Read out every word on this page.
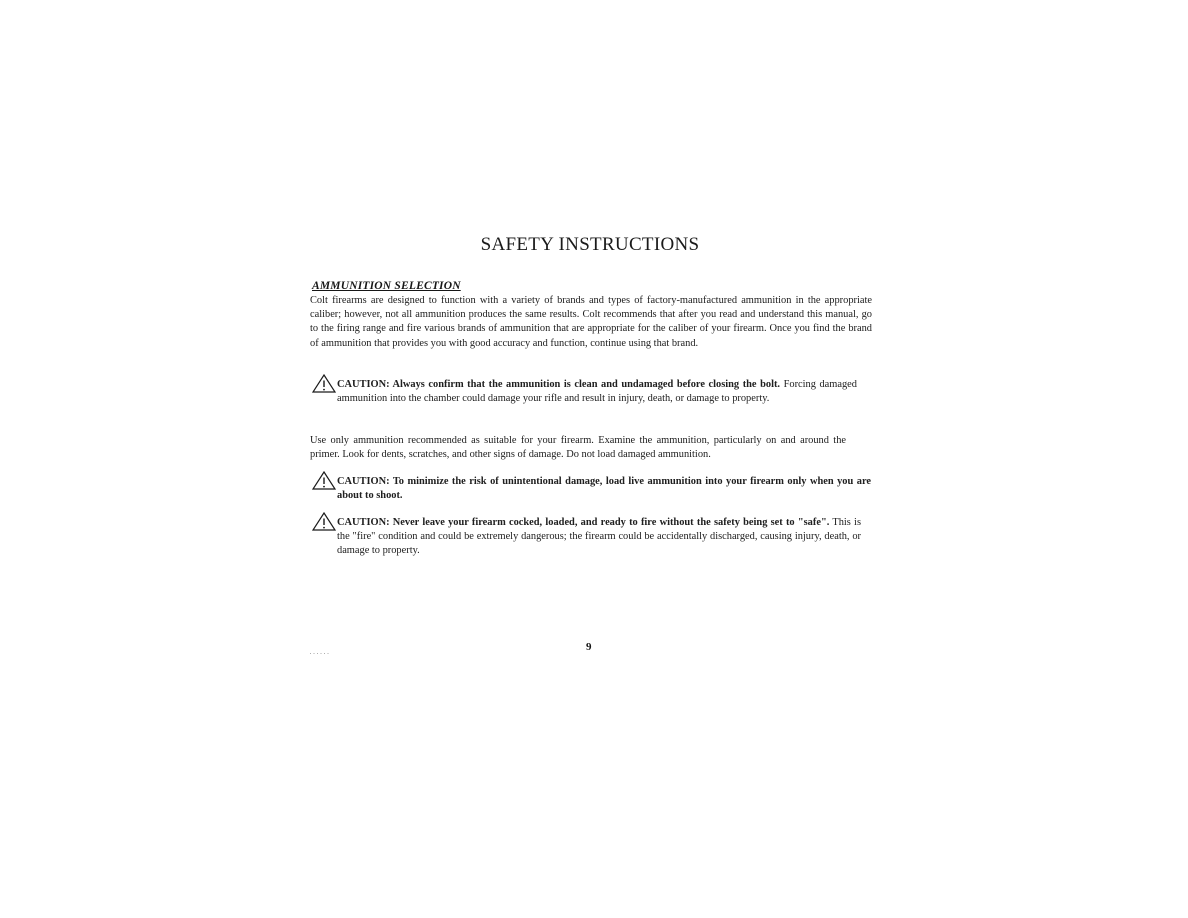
SAFETY INSTRUCTIONS
AMMUNITION SELECTION
Colt firearms are designed to function with a variety of brands and types of factory-manufactured ammunition in the appropriate caliber; however, not all ammunition produces the same results. Colt recommends that after you read and understand this manual, go to the firing range and fire various brands of ammunition that are appropriate for the caliber of your firearm. Once you find the brand of ammunition that provides you with good accuracy and function, continue using that brand.
CAUTION: Always confirm that the ammunition is clean and undamaged before closing the bolt. Forcing damaged ammunition into the chamber could damage your rifle and result in injury, death, or damage to property.
Use only ammunition recommended as suitable for your firearm. Examine the ammunition, particularly on and around the primer. Look for dents, scratches, and other signs of damage. Do not load damaged ammunition.
CAUTION: To minimize the risk of unintentional damage, load live ammunition into your firearm only when you are about to shoot.
CAUTION: Never leave your firearm cocked, loaded, and ready to fire without the safety being set to "safe". This is the "fire" condition and could be extremely dangerous; the firearm could be accidentally discharged, causing injury, death, or damage to property.
9
......
